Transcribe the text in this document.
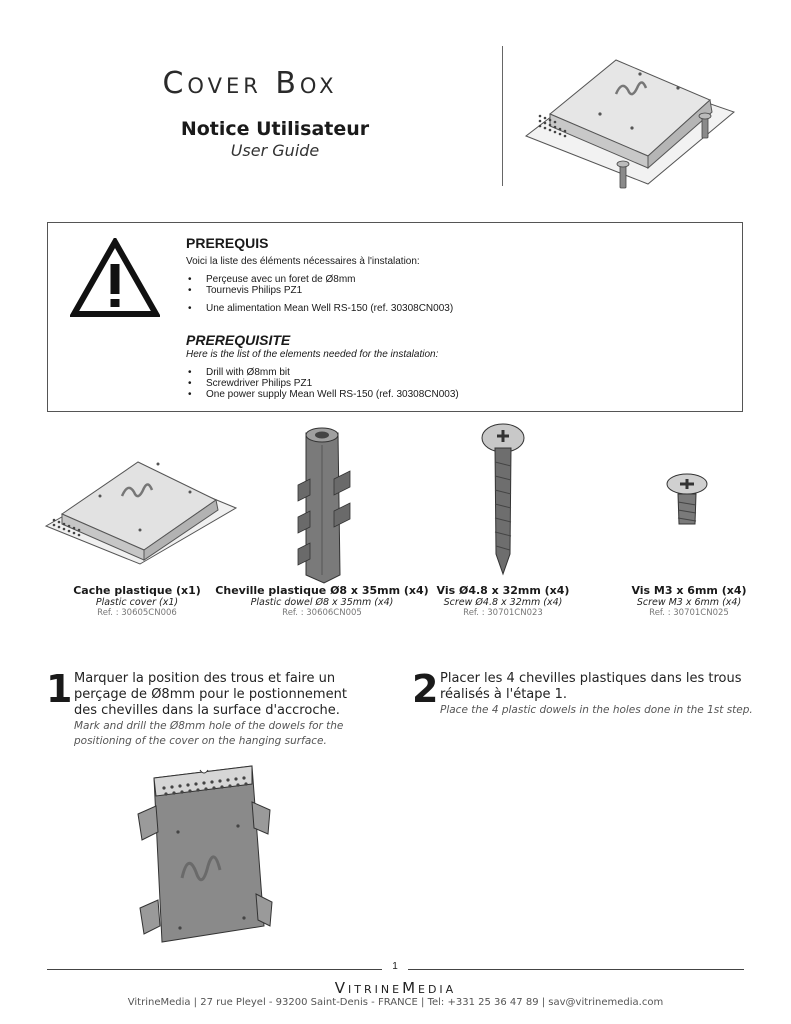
Cover Box
Notice Utilisateur
User Guide
PREREQUIS
Voici la liste des éléments nécessaires à l'instalation:
• Perçeuse avec un foret de Ø8mm
• Tournevis Philips PZ1
• Une alimentation Mean Well RS-150 (ref. 30308CN003)
PREREQUISITE
Here is the list of the elements needed for the instalation:
• Drill with Ø8mm bit
• Screwdriver Philips PZ1
• One power supply Mean Well RS-150 (ref. 30308CN003)
Cache plastique (x1)
Plastic cover (x1)
Ref. : 30605CN006
Cheville plastique Ø8 x 35mm (x4)
Plastic dowel Ø8 x 35mm (x4)
Ref. : 30606CN005
Vis Ø4.8 x 32mm (x4)
Screw Ø4.8 x 32mm (x4)
Ref. : 30701CN023
Vis M3 x 6mm (x4)
Screw M3 x 6mm (x4)
Ref. : 30701CN025
1 Marquer la position des trous et faire un
perçage de Ø8mm pour le postionnement
des chevilles dans la surface d'accroche.
Mark and drill the Ø8mm hole of the dowels for the
positioning of the cover on the hanging surface.
2 Placer les 4 chevilles plastiques dans les trous
réalisés à l'étape 1.
Place the 4 plastic dowels in the holes done in the 1st step.
1
VitrineMedia
VitrineMedia | 27 rue Pleyel - 93200 Saint-Denis - FRANCE | Tel: +331 25 36 47 89 | sav@vitrinemedia.com
